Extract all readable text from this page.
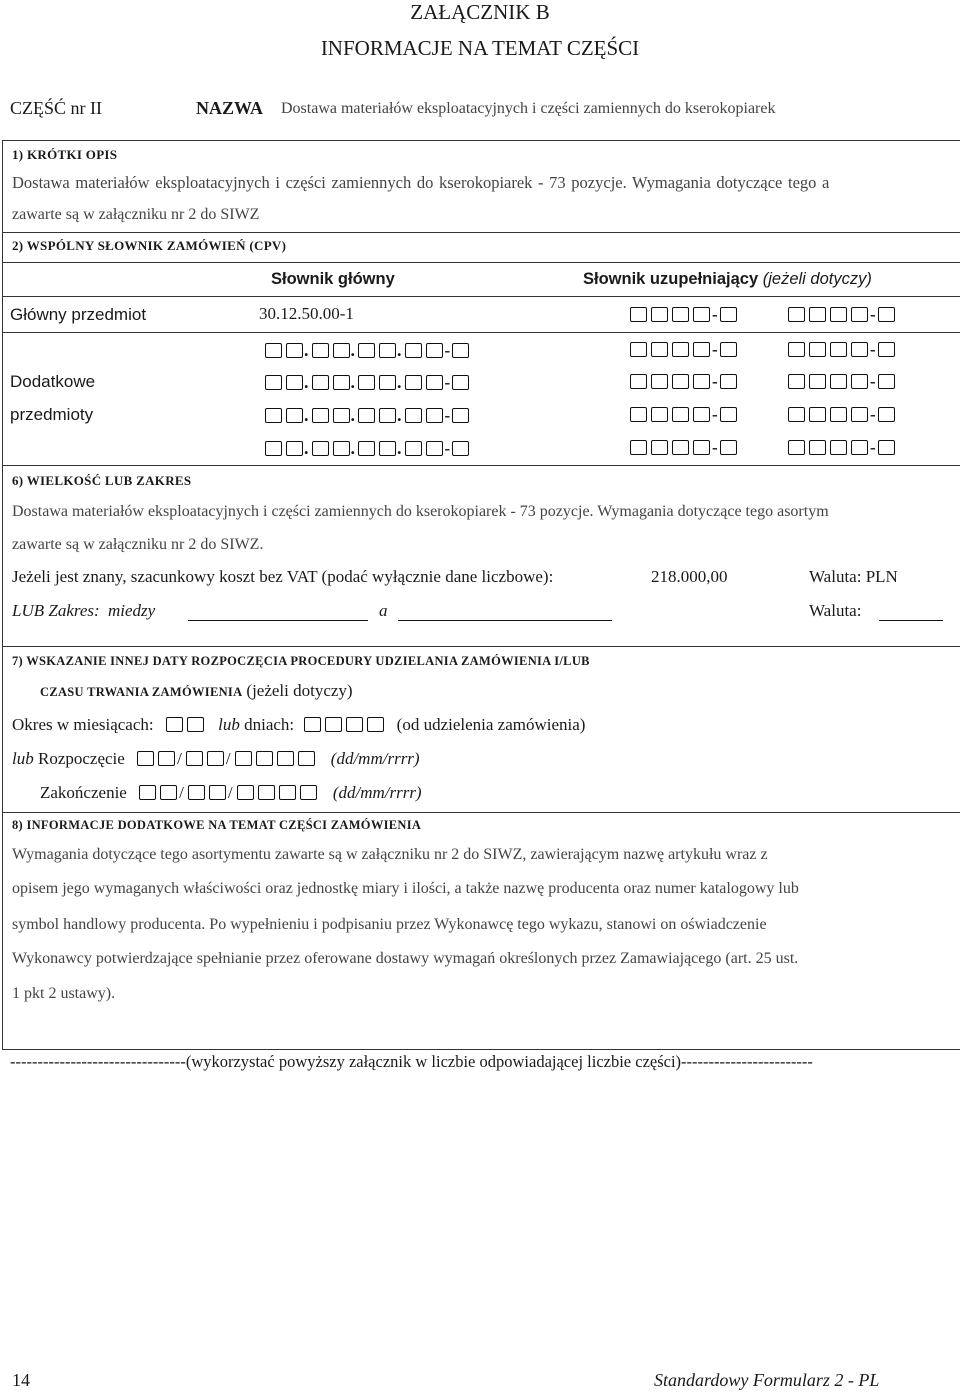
ZAŁĄCZNIK B
INFORMACJE NA TEMAT CZĘŚCI
CZĘŚĆ nr II	NAZWA Dostawa materiałów eksploatacyjnych i części zamiennych do kserokopiarek
1) KRÓTKI OPIS
Dostawa materiałów eksploatacyjnych i części zamiennych do kserokopiarek - 73 pozycje. Wymagania dotyczące tego a
zawarte są w załączniku nr 2 do SIWZ
2) WSPÓLNY SŁOWNIK ZAMÓWIEŃ (CPV)
Słownik główny	Słownik uzupełniający (jeżeli dotyczy)
Główny przedmiot	30.12.50.00-1	-	-
Dodatkowe
przedmioty
. . .	-	-	-
. . .	-	-	-
. . .	-	-	-
. . .	-	-	-
6) WIELKOŚĆ LUB ZAKRES
Dostawa materiałów eksploatacyjnych i części zamiennych do kserokopiarek - 73 pozycje. Wymagania dotyczące tego asortym
zawarte są w załączniku nr 2 do SIWZ.
Jeżeli jest znany, szacunkowy koszt bez VAT (podać wyłącznie dane liczbowe):	218.000,00	Waluta: PLN
LUB Zakres: miedzy	a	Waluta:
7) WSKAZANIE INNEJ DATY ROZPOCZĘCIA PROCEDURY UDZIELANIA ZAMÓWIENIA I/LUB
CZASU TRWANIA ZAMÓWIENIA (jeżeli dotyczy)
Okres w miesiącach:	lub dniach:	(od udzielenia zamówienia)
lub Rozpoczęcie	/	/	(dd/mm/rrrr)
Zakończenie	/	/	(dd/mm/rrrr)
8) INFORMACJE DODATKOWE NA TEMAT CZĘŚCI ZAMÓWIENIA
Wymagania dotyczące tego asortymentu zawarte są w załączniku nr 2 do SIWZ, zawierającym nazwę artykułu wraz z
opisem jego wymaganych właściwości oraz jednostkę miary i ilości, a także nazwę producenta oraz numer katalogowy lub
symbol handlowy producenta. Po wypełnieniu i podpisaniu przez Wykonawcę tego wykazu, stanowi on oświadczenie
Wykonawcy potwierdzające spełnianie przez oferowane dostawy wymagań określonych przez Zamawiającego (art. 25 ust.
1 pkt 2 ustawy).
--------------------------------(wykorzystać powyższy załącznik w liczbie odpowiadającej liczbie części)------------------------
14	Standardowy Formularz 2 - PL
